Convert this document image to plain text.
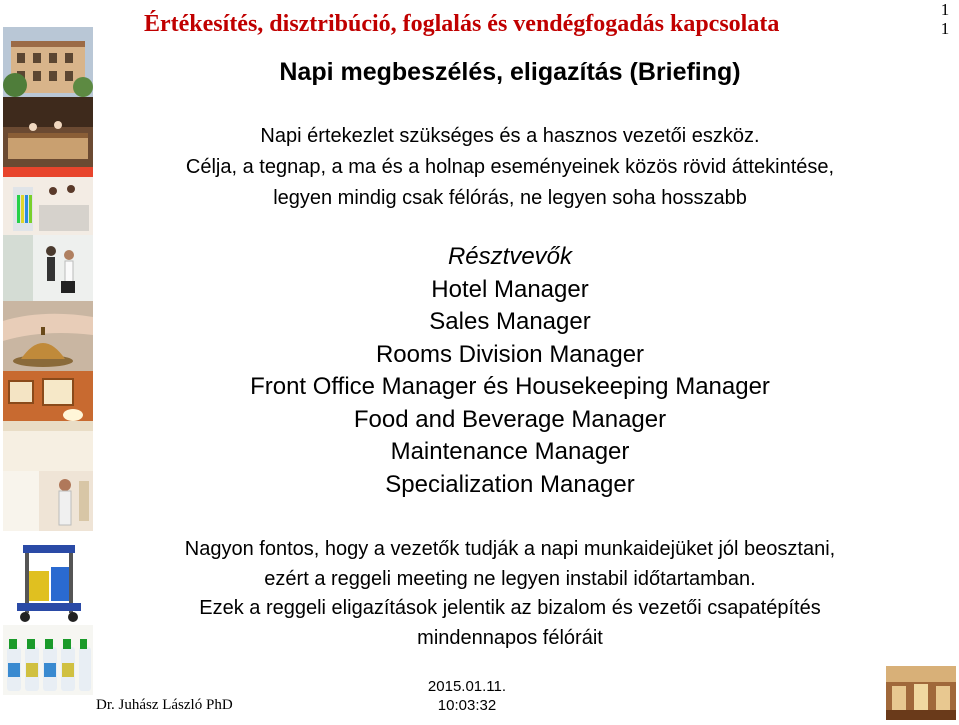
Értékesítés, disztribúció, foglalás és vendégfogadás kapcsolata
1
1
Napi megbeszélés, eligazítás (Briefing)
Napi értekezlet szükséges és a hasznos vezetői eszköz.
Célja, a tegnap, a ma és a holnap eseményeinek közös rövid áttekintése,
legyen mindig csak félórás, ne legyen soha hosszabb
Résztvevők
Hotel Manager
Sales Manager
Rooms Division Manager
Front Office Manager és Housekeeping Manager
Food and Beverage Manager
Maintenance Manager
Specialization Manager
Nagyon fontos, hogy a vezetők tudják a napi munkaidejüket jól beosztani,
ezért a reggeli meeting ne legyen instabil időtartamban.
Ezek a reggeli eligazítások jelentik az bizalom és vezetői csapatépítés
mindennapos félóráit
Dr. Juhász László PhD
2015.01.11.
10:03:32
